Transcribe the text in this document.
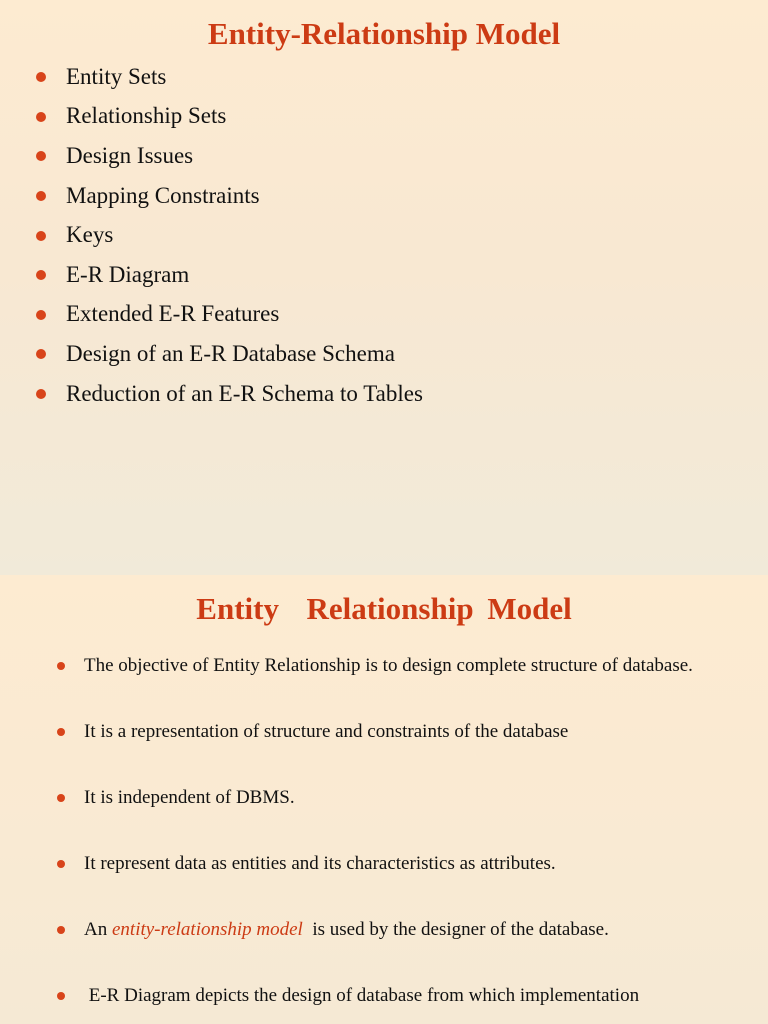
Entity-Relationship Model
Entity Sets
Relationship Sets
Design Issues
Mapping Constraints
Keys
E-R Diagram
Extended E-R Features
Design of an E-R Database Schema
Reduction of an E-R Schema to Tables
Entity  Relationship Model
The objective of Entity Relationship is to design complete structure of database.
It is a representation of structure and constraints of the database
It is independent of DBMS.
It represent data as entities and its characteristics as attributes.
An entity-relationship model  is used by the designer of the database.
E-R Diagram depicts the design of database from which implementation
